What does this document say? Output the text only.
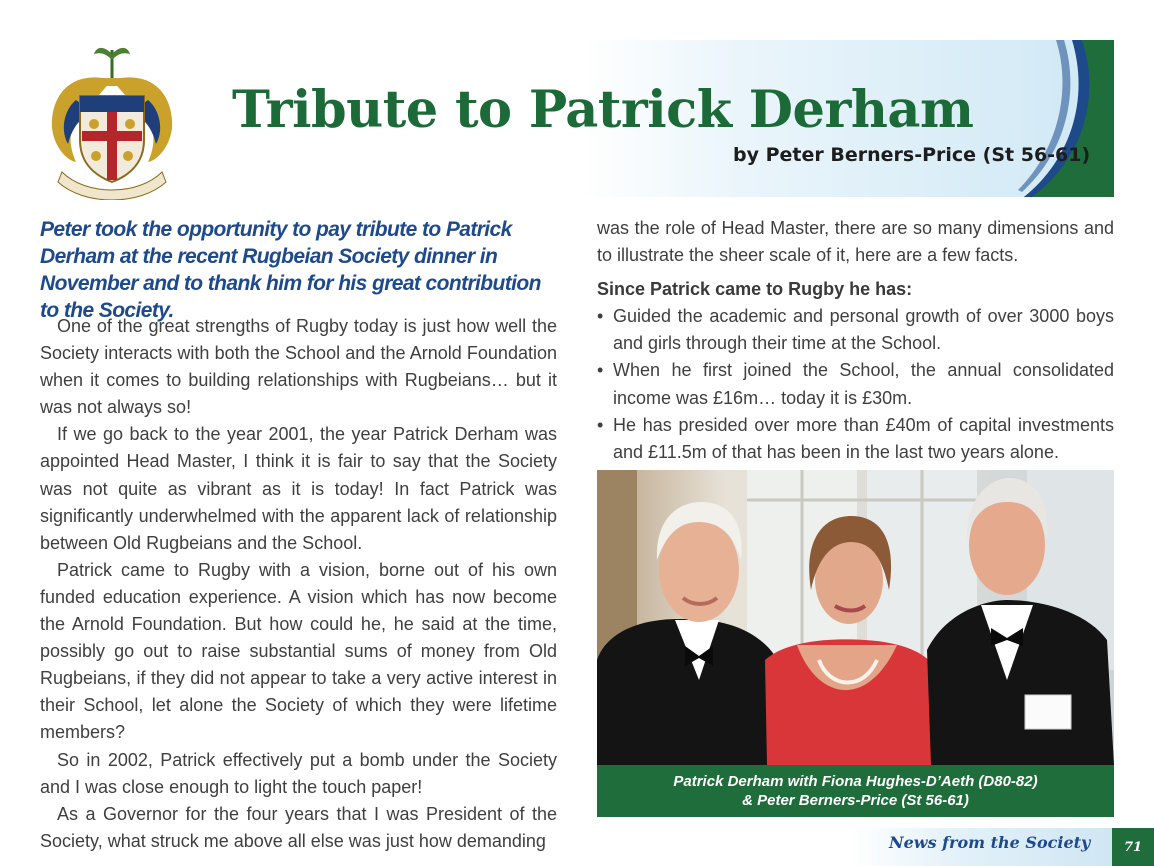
Tribute to Patrick Derham
by Peter Berners-Price (St 56-61)
Peter took the opportunity to pay tribute to Patrick Derham at the recent Rugbeian Society dinner in November and to thank him for his great contribution to the Society.

One of the great strengths of Rugby today is just how well the Society interacts with both the School and the Arnold Foundation when it comes to building relationships with Rugbeians… but it was not always so!

If we go back to the year 2001, the year Patrick Derham was appointed Head Master, I think it is fair to say that the Society was not quite as vibrant as it is today! In fact Patrick was significantly underwhelmed with the apparent lack of relationship between Old Rugbeians and the School.

Patrick came to Rugby with a vision, borne out of his own funded education experience. A vision which has now become the Arnold Foundation. But how could he, he said at the time, possibly go out to raise substantial sums of money from Old Rugbeians, if they did not appear to take a very active interest in their School, let alone the Society of which they were lifetime members?

So in 2002, Patrick effectively put a bomb under the Society and I was close enough to light the touch paper!

As a Governor for the four years that I was President of the Society, what struck me above all else was just how demanding

was the role of Head Master, there are so many dimensions and to illustrate the sheer scale of it, here are a few facts.

Since Patrick came to Rugby he has:

• Guided the academic and personal growth of over 3000 boys and girls through their time at the School.
• When he first joined the School, the annual consolidated income was £16m… today it is £30m.
• He has presided over more than £40m of capital investments and £11.5m of that has been in the last two years alone.
Patrick Derham with Fiona Hughes-D’Aeth (D80-82)
& Peter Berners-Price (St 56-61)
News from the Society	71
